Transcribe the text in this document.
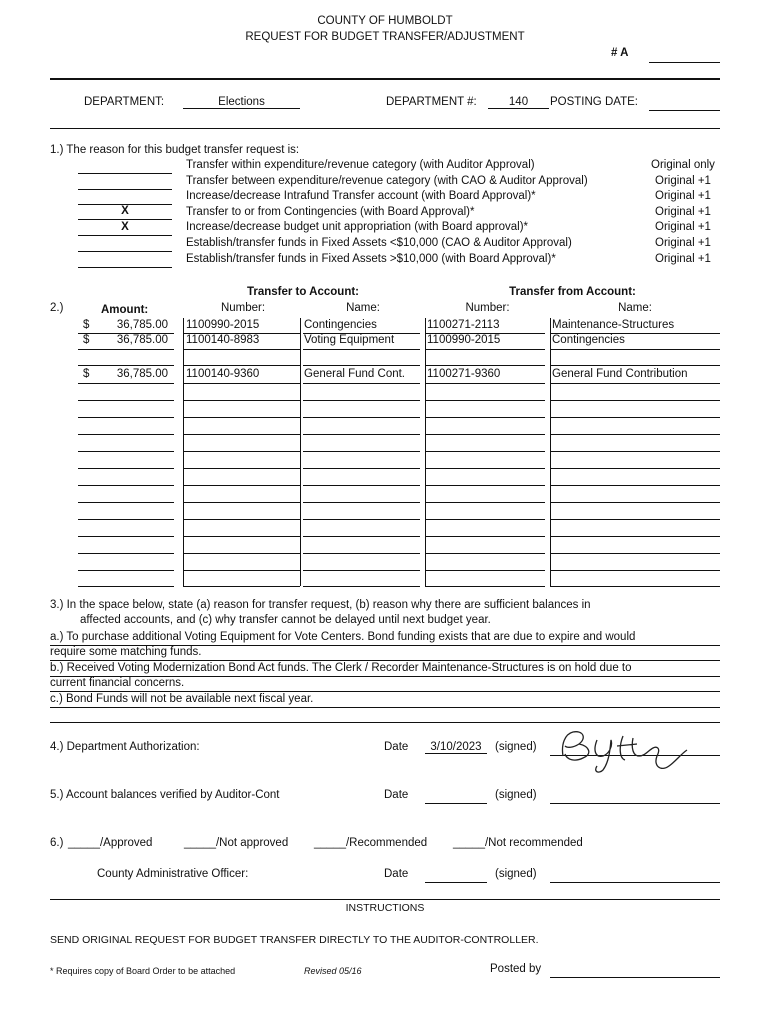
COUNTY OF HUMBOLDT
REQUEST FOR BUDGET TRANSFER/ADJUSTMENT
# A
DEPARTMENT:	Elections	DEPARTMENT #:	140	POSTING DATE:
1.) The reason for this budget transfer request is:
Transfer within expenditure/revenue category (with Auditor Approval)	Original only
Transfer between expenditure/revenue category (with CAO & Auditor Approval)	Original +1
Increase/decrease Intrafund Transfer account (with Board Approval)*	Original +1
X	Transfer to or from Contingencies (with Board Approval)*	Original +1
X	Increase/decrease budget unit appropriation (with Board approval)*	Original +1
Establish/transfer funds in Fixed Assets <$10,000 (CAO & Auditor Approval)	Original +1
Establish/transfer funds in Fixed Assets >$10,000 (with Board Approval)*	Original +1
Transfer to Account:	Transfer from Account:
2.)	Amount:	Number:	Name:	Number:	Name:
$	36,785.00 1100990-2015	Contingencies	1100271-2113	Maintenance-Structures
$	36,785.00 1100140-8983	Voting Equipment	1100990-2015	Contingencies
$	36,785.00 1100140-9360	General Fund Cont. 1100271-9360	General Fund Contribution
3.) In the space below, state (a) reason for transfer request, (b) reason why there are sufficient balances in
affected accounts, and (c) why transfer cannot be delayed until next budget year.
a.) To purchase additional Voting Equipment for Vote Centers. Bond funding exists that are due to expire and would
require some matching funds.
b.) Received Voting Modernization Bond Act funds. The Clerk / Recorder Maintenance-Structures is on hold due to
current financial concerns.
c.) Bond Funds will not be available next fiscal year.
4.) Department Authorization:	Date	3/10/2023	(signed)
5.) Account balances verified by Auditor-Cont	Date	(signed)
6.) _____/Approved	_____/Not approved _____/Recommended _____/Not recommended
County Administrative Officer:	Date	(signed)
INSTRUCTIONS
SEND ORIGINAL REQUEST FOR BUDGET TRANSFER DIRECTLY TO THE AUDITOR-CONTROLLER.
* Requires copy of Board Order to be attached	Revised 05/16	Posted by
